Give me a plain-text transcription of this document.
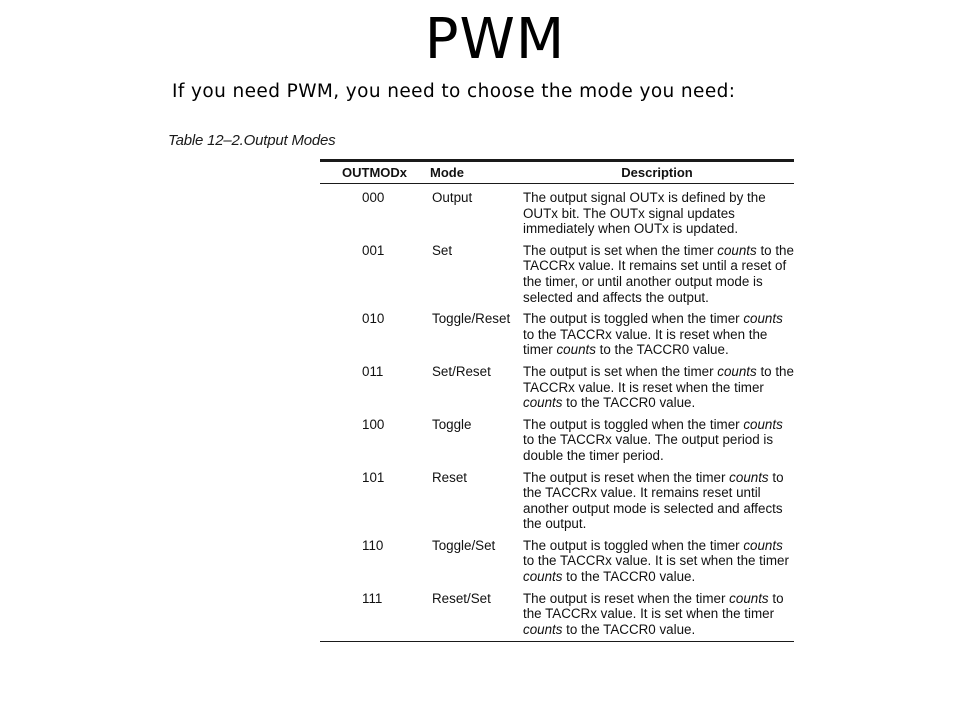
PWM
If you need PWM, you need to choose the mode you need:
Table 12–2.Output Modes
OUTMODx	Mode	Description
000	Output	The output signal OUTx is defined by the OUTx bit. The OUTx signal updates immediately when OUTx is updated.
001	Set	The output is set when the timer counts to the TACCRx value. It remains set until a reset of the timer, or until another output mode is selected and affects the output.
010	Toggle/Reset	The output is toggled when the timer counts to the TACCRx value. It is reset when the timer counts to the TACCR0 value.
011	Set/Reset	The output is set when the timer counts to the TACCRx value. It is reset when the timer counts to the TACCR0 value.
100	Toggle	The output is toggled when the timer counts to the TACCRx value. The output period is double the timer period.
101	Reset	The output is reset when the timer counts to the TACCRx value. It remains reset until another output mode is selected and affects the output.
110	Toggle/Set	The output is toggled when the timer counts to the TACCRx value. It is set when the timer counts to the TACCR0 value.
111	Reset/Set	The output is reset when the timer counts to the TACCRx value. It is set when the timer counts to the TACCR0 value.
